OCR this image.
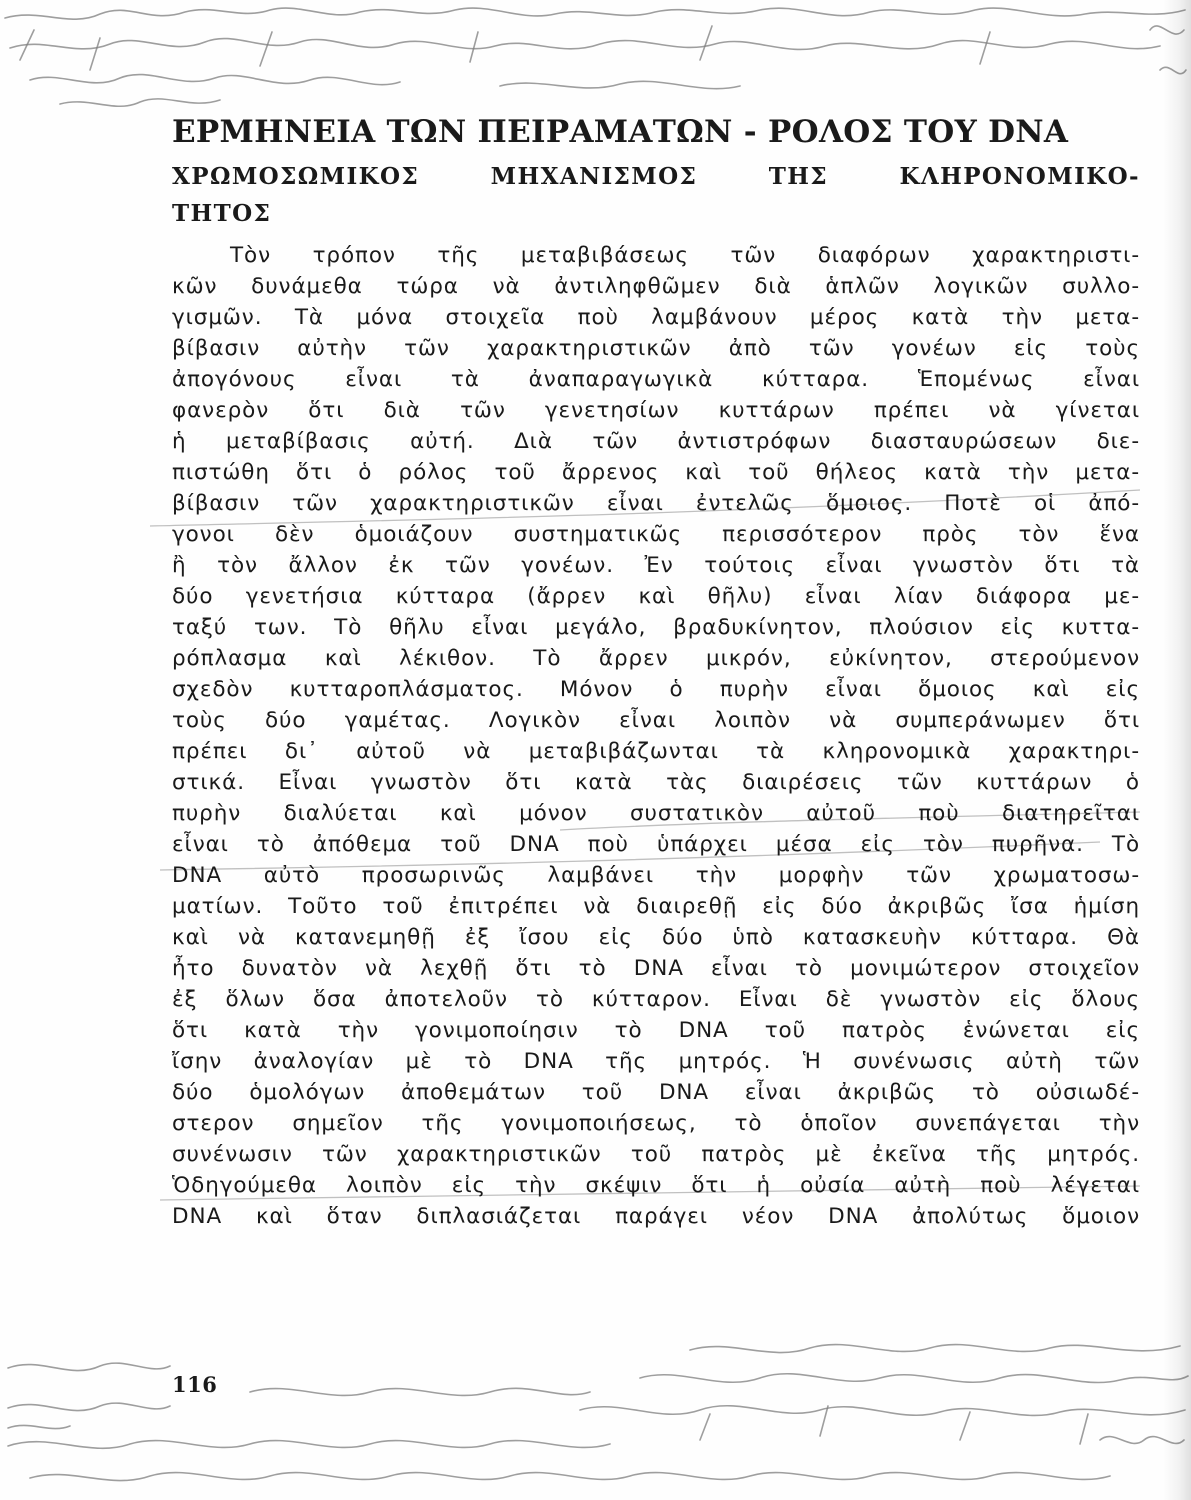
ΕΡΜΗΝΕΙΑ ΤΩΝ ΠΕΙΡΑΜΑΤΩΝ - ΡΟΛΟΣ ΤΟΥ DNA
ΧΡΩΜΟΣΩΜΙΚΟΣ ΜΗΧΑΝΙΣΜΟΣ ΤΗΣ ΚΛΗΡΟΝΟΜΙΚΟ-
ΤΗΤΟΣ
Τὸν τρόπον τῆς μεταβιβάσεως τῶν διαφόρων χαρακτηριστι-
κῶν δυνάμεθα τώρα νὰ ἀντιληφθῶμεν διὰ ἁπλῶν λογικῶν συλλο-
γισμῶν. Τὰ μόνα στοιχεῖα ποὺ λαμβάνουν μέρος κατὰ τὴν μετα-
βίβασιν αὐτὴν τῶν χαρακτηριστικῶν ἀπὸ τῶν γονέων εἰς τοὺς
ἀπογόνους εἶναι τὰ ἀναπαραγωγικὰ κύτταρα. Ἑπομένως εἶναι
φανερὸν ὅτι διὰ τῶν γενετησίων κυττάρων πρέπει νὰ γίνεται
ἡ μεταβίβασις αὐτή. Διὰ τῶν ἀντιστρόφων διασταυρώσεων διε-
πιστώθη ὅτι ὁ ρόλος τοῦ ἄρρενος καὶ τοῦ θήλεος κατὰ τὴν μετα-
βίβασιν τῶν χαρακτηριστικῶν εἶναι ἐντελῶς ὅμοιος. Ποτὲ οἱ ἀπό-
γονοι δὲν ὁμοιάζουν συστηματικῶς περισσότερον πρὸς τὸν ἕνα
ἢ τὸν ἄλλον ἐκ τῶν γονέων. Ἐν τούτοις εἶναι γνωστὸν ὅτι τὰ
δύο γενετήσια κύτταρα (ἄρρεν καὶ θῆλυ) εἶναι λίαν διάφορα με-
ταξύ των. Τὸ θῆλυ εἶναι μεγάλο, βραδυκίνητον, πλούσιον εἰς κυττα-
ρόπλασμα καὶ λέκιθον. Τὸ ἄρρεν μικρόν, εὐκίνητον, στερούμενον
σχεδὸν κυτταροπλάσματος. Μόνον ὁ πυρὴν εἶναι ὅμοιος καὶ εἰς
τοὺς δύο γαμέτας. Λογικὸν εἶναι λοιπὸν νὰ συμπεράνωμεν ὅτι
πρέπει δι᾽ αὐτοῦ νὰ μεταβιβάζωνται τὰ κληρονομικὰ χαρακτηρι-
στικά. Εἶναι γνωστὸν ὅτι κατὰ τὰς διαιρέσεις τῶν κυττάρων ὁ
πυρὴν διαλύεται καὶ μόνον συστατικὸν αὐτοῦ ποὺ διατηρεῖται
εἶναι τὸ ἀπόθεμα τοῦ DNA ποὺ ὑπάρχει μέσα εἰς τὸν πυρῆνα. Τὸ
DNA αὐτὸ προσωρινῶς λαμβάνει τὴν μορφὴν τῶν χρωματοσω-
ματίων. Τοῦτο τοῦ ἐπιτρέπει νὰ διαιρεθῇ εἰς δύο ἀκριβῶς ἴσα ἡμίση
καὶ νὰ κατανεμηθῇ ἐξ ἴσου εἰς δύο ὑπὸ κατασκευὴν κύτταρα. Θὰ
ἦτο δυνατὸν νὰ λεχθῇ ὅτι τὸ DNA εἶναι τὸ μονιμώτερον στοιχεῖον
ἐξ ὅλων ὅσα ἀποτελοῦν τὸ κύτταρον. Εἶναι δὲ γνωστὸν εἰς ὅλους
ὅτι κατὰ τὴν γονιμοποίησιν τὸ DNA τοῦ πατρὸς ἑνώνεται εἰς
ἴσην ἀναλογίαν μὲ τὸ DNA τῆς μητρός. Ἡ συνένωσις αὐτὴ τῶν
δύο ὁμολόγων ἀποθεμάτων τοῦ DNA εἶναι ἀκριβῶς τὸ οὐσιωδέ-
στερον σημεῖον τῆς γονιμοποιήσεως, τὸ ὁποῖον συνεπάγεται τὴν
συνένωσιν τῶν χαρακτηριστικῶν τοῦ πατρὸς μὲ ἐκεῖνα τῆς μητρός.
Ὁδηγούμεθα λοιπὸν εἰς τὴν σκέψιν ὅτι ἡ οὐσία αὐτὴ ποὺ λέγεται
DNA καὶ ὅταν διπλασιάζεται παράγει νέον DNA ἀπολύτως ὅμοιον
116
